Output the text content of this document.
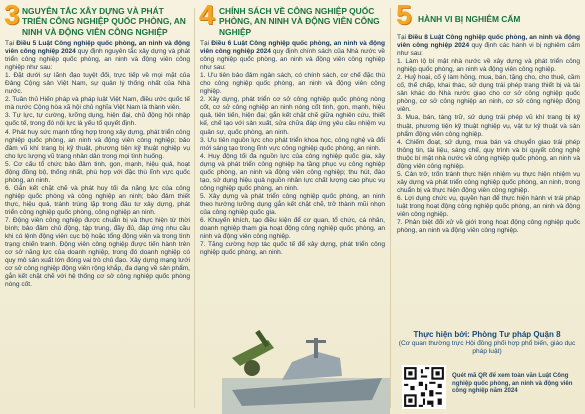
3 NGUYÊN TẮC XÂY DỰNG VÀ PHÁT TRIỂN CÔNG NGHIỆP QUỐC PHÒNG, AN NINH VÀ ĐỘNG VIÊN CÔNG NGHIỆP

Tại Điều 5 Luật Công nghiệp quốc phòng, an ninh và động viên công nghiệp 2024 quy định nguyên tắc xây dựng và phát triển công nghiệp quốc phòng, an ninh và động viên công nghiệp như sau:

1. Đặt dưới sự lãnh đạo tuyệt đối, trực tiếp về mọi mặt của Đảng Cộng sản Việt Nam, sự quản lý thống nhất của Nhà nước.

2. Tuân thủ Hiến pháp và pháp luật Việt Nam, điều ước quốc tế mà nước Cộng hòa xã hội chủ nghĩa Việt Nam là thành viên.

3. Tự lực, tự cường, lưỡng dụng, hiện đại, chủ động hội nhập quốc tế, trong đó nội lực là yếu tố quyết định.

4. Phát huy sức mạnh tổng hợp trong xây dựng, phát triển công nghiệp quốc phòng, an ninh và động viên công nghiệp; bảo đảm vũ khí trang bị kỹ thuật, phương tiện kỹ thuật nghiệp vụ cho lực lượng vũ trang nhân dân trong mọi tình huống.

5. Cơ cấu tổ chức bảo đảm tinh, gọn, mạnh, hiệu quả, hoạt động đồng bộ, thống nhất, phù hợp với đặc thù lĩnh vực quốc phòng, an ninh.

6. Gắn kết chặt chẽ và phát huy tối đa năng lực của công nghiệp quốc phòng và công nghiệp an ninh; bảo đảm thiết thực, hiệu quả, tránh trùng lặp trong đầu tư xây dựng, phát triển công nghiệp quốc phòng, công nghiệp an ninh.

7. Động viên công nghiệp được chuẩn bị và thực hiện từ thời bình; bảo đảm chủ động, tập trung, đầy đủ, đáp ứng nhu cầu khi có lệnh động viên cục bộ hoặc tổng động viên và trong tình trạng chiến tranh. Động viên công nghiệp được tiến hành trên cơ sở năng lực của doanh nghiệp, trong đó doanh nghiệp có quy mô sản xuất lớn đóng vai trò chủ đạo. Xây dựng mạng lưới cơ sở công nghiệp động viên rộng khắp, đa dạng về sản phẩm, gắn kết chặt chẽ với hệ thống cơ sở công nghiệp quốc phòng nòng cốt.

4 CHÍNH SÁCH VỀ CÔNG NGHIỆP QUỐC PHÒNG, AN NINH VÀ ĐỘNG VIÊN CÔNG NGHIỆP

Tại Điều 6 Luật Công nghiệp quốc phòng, an ninh và động viên công nghiệp 2024 quy định chính sách của Nhà nước về công nghiệp quốc phòng, an ninh và động viên công nghiệp như sau:

1. Ưu tiên bảo đảm ngân sách, có chính sách, cơ chế đặc thù cho công nghiệp quốc phòng, an ninh và động viên công nghiệp.

2. Xây dựng, phát triển cơ sở công nghiệp quốc phòng nòng cốt, cơ sở công nghiệp an ninh nòng cốt tinh, gọn, mạnh, hiệu quả, tiên tiến, hiện đại; gắn kết chặt chẽ giữa nghiên cứu, thiết kế, chế tạo với sản xuất, sửa chữa đáp ứng yêu cầu nhiệm vụ quân sự, quốc phòng, an ninh.

3. Ưu tiên nguồn lực cho phát triển khoa học, công nghệ và đổi mới sáng tạo trong lĩnh vực công nghiệp quốc phòng, an ninh.

4. Huy động tối đa nguồn lực của công nghiệp quốc gia, xây dựng và phát triển công nghiệp hạ tầng phục vụ công nghiệp quốc phòng, an ninh và động viên công nghiệp; thu hút, đào tạo, sử dụng hiệu quả nguồn nhân lực chất lượng cao phục vụ công nghiệp quốc phòng, an ninh.

5. Xây dựng và phát triển công nghiệp quốc phòng, an ninh theo hướng lưỡng dụng gắn kết chặt chẽ, trở thành mũi nhọn của công nghiệp quốc gia.

6. Khuyến khích, tạo điều kiện để cơ quan, tổ chức, cá nhân, doanh nghiệp tham gia hoạt động công nghiệp quốc phòng, an ninh và động viên công nghiệp.

7. Tăng cường hợp tác quốc tế để xây dựng, phát triển công nghiệp quốc phòng, an ninh.

5 HÀNH VI BỊ NGHIÊM CẤM

Tại Điều 8 Luật Công nghiệp quốc phòng, an ninh và động viên công nghiệp 2024 quy định các hành vi bị nghiêm cấm như sau:

1. Làm lộ bí mật nhà nước về xây dựng và phát triển công nghiệp quốc phòng, an ninh và động viên công nghiệp.

2. Huỷ hoại, cố ý làm hỏng, mua, bán, tặng cho, cho thuê, cầm cố, thế chấp, khai thác, sử dụng trái phép trang thiết bị và tài sản khác do Nhà nước giao cho cơ sở công nghiệp quốc phòng, cơ sở công nghiệp an ninh, cơ sở công nghiệp động viên.

3. Mua, bán, tàng trữ, sử dụng trái phép vũ khí trang bị kỹ thuật, phương tiện kỹ thuật nghiệp vụ, vật tư kỹ thuật và sản phẩm động viên công nghiệp.

4. Chiếm đoạt, sử dụng, mua bán và chuyển giao trái phép thông tin, tài liệu, sáng chế, quy trình và bí quyết công nghệ thuộc bí mật nhà nước về công nghiệp quốc phòng, an ninh và động viên công nghiệp.

5. Cản trở, trốn tránh thực hiện nhiệm vụ thực hiện nhiệm vụ xây dựng và phát triển công nghiệp quốc phòng, an ninh, trong chuẩn bị và thực hiện động viên công nghiệp.

6. Lợi dụng chức vụ, quyền hạn để thực hiện hành vi trái pháp luật trong hoạt động công nghiệp quốc phòng, an ninh và động viên công nghiệp.

7. Phân biệt đối xử về giới trong hoạt động công nghiệp quốc phòng, an ninh và động viên công nghiệp.

Thực hiện bởi: Phòng Tư pháp Quận 8
(Cơ quan thường trực Hội đồng phối hợp phổ biến, giáo dục pháp luật)
Quét mã QR để xem toàn văn Luật Công nghiệp quốc phòng, an ninh và động viên công nghiệp năm 2024
